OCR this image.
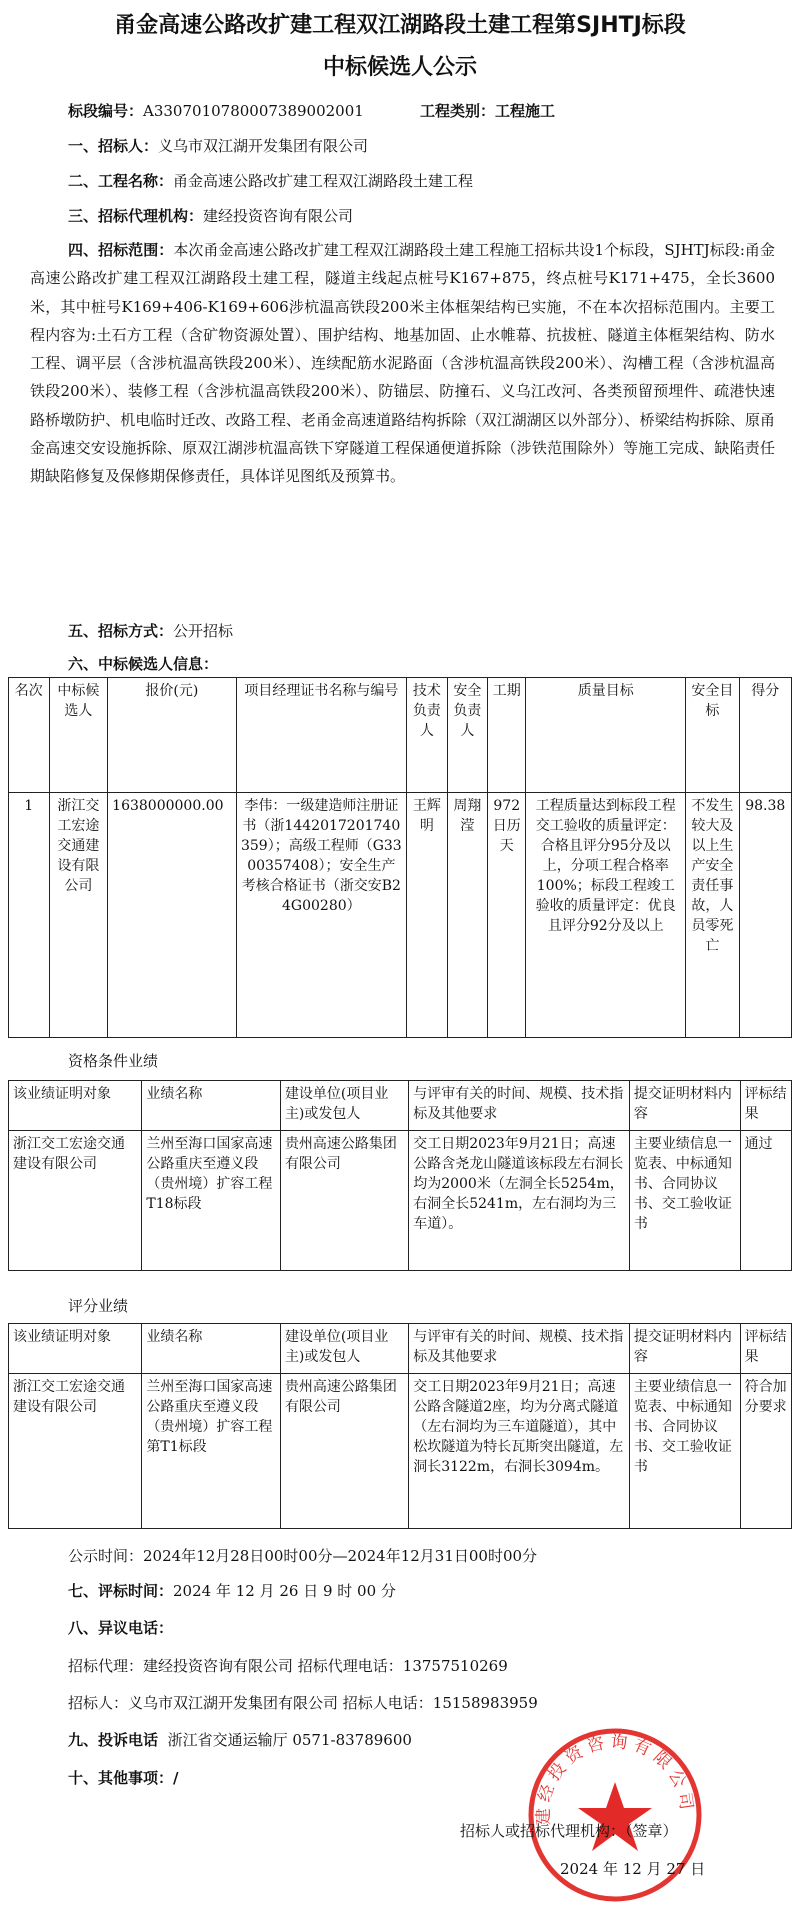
甬金高速公路改扩建工程双江湖路段土建工程第SJHTJ标段
中标候选人公示
标段编号：A3307010780007389002001	工程类别：工程施工
一、招标人：义乌市双江湖开发集团有限公司
二、工程名称：甬金高速公路改扩建工程双江湖路段土建工程
三、招标代理机构：建经投资咨询有限公司
四、招标范围：本次甬金高速公路改扩建工程双江湖路段土建工程施工招标共设1个标段，SJHTJ标段:甬金高速公路改扩建工程双江湖路段土建工程，隧道主线起点桩号K167+875，终点桩号K171+475，全长3600米，其中桩号K169+406-K169+606涉杭温高铁段200米主体框架结构已实施，不在本次招标范围内。主要工程内容为:土石方工程（含矿物资源处置）、围护结构、地基加固、止水帷幕、抗拔桩、隧道主体框架结构、防水工程、调平层（含涉杭温高铁段200米）、连续配筋水泥路面（含涉杭温高铁段200米）、沟槽工程（含涉杭温高铁段200米）、装修工程（含涉杭温高铁段200米）、防锚层、防撞石、义乌江改河、各类预留预埋件、疏港快速路桥墩防护、机电临时迁改、改路工程、老甬金高速道路结构拆除（双江湖湖区以外部分）、桥梁结构拆除、原甬金高速交安设施拆除、原双江湖涉杭温高铁下穿隧道工程保通便道拆除（涉铁范围除外）等施工完成、缺陷责任期缺陷修复及保修期保修责任，具体详见图纸及预算书。
五、招标方式：公开招标
六、中标候选人信息：
名次	中标候选人	报价(元)	项目经理证书名称与编号	技术负责人	安全负责人	工期	质量目标	安全目标	得分
1	浙江交工宏途交通建设有限公司	1638000000.00	李伟：一级建造师注册证书（浙1442017201740359）；高级工程师（G3300357408）；安全生产考核合格证书（浙交安B24G00280）	王辉明	周翔滢	972日历天	工程质量达到标段工程交工验收的质量评定：合格且评分95分及以上，分项工程合格率100%；标段工程竣工验收的质量评定：优良且评分92分及以上	不发生较大及以上生产安全责任事故，人员零死亡	98.38
资格条件业绩
该业绩证明对象	业绩名称	建设单位(项目业主)或发包人	与评审有关的时间、规模、技术指标及其他要求	提交证明材料内容	评标结果
浙江交工宏途交通建设有限公司	兰州至海口国家高速公路重庆至遵义段（贵州境）扩容工程T18标段	贵州高速公路集团有限公司	交工日期2023年9月21日；高速公路含尧龙山隧道该标段左右洞长均为2000米（左洞全长5254m，右洞全长5241m，左右洞均为三车道）。	主要业绩信息一览表、中标通知书、合同协议书、交工验收证书	通过
评分业绩
该业绩证明对象	业绩名称	建设单位(项目业主)或发包人	与评审有关的时间、规模、技术指标及其他要求	提交证明材料内容	评标结果
浙江交工宏途交通建设有限公司	兰州至海口国家高速公路重庆至遵义段（贵州境）扩容工程第T1标段	贵州高速公路集团有限公司	交工日期2023年9月21日；高速公路含隧道2座，均为分离式隧道（左右洞均为三车道隧道），其中松坎隧道为特长瓦斯突出隧道，左洞长3122m，右洞长3094m。	主要业绩信息一览表、中标通知书、合同协议书、交工验收证书	符合加分要求
公示时间：2024年12月28日00时00分—2024年12月31日00时00分
七、评标时间：2024 年 12 月 26 日 9 时 00 分
八、异议电话：
招标代理：建经投资咨询有限公司 招标代理电话：13757510269
招标人：义乌市双江湖开发集团有限公司 招标人电话：15158983959
九、投诉电话 浙江省交通运输厅 0571-83789600
十、其他事项：/
建经投资咨询有限公司
招标人或招标代理机构：（签章）
2024 年 12 月 27 日
